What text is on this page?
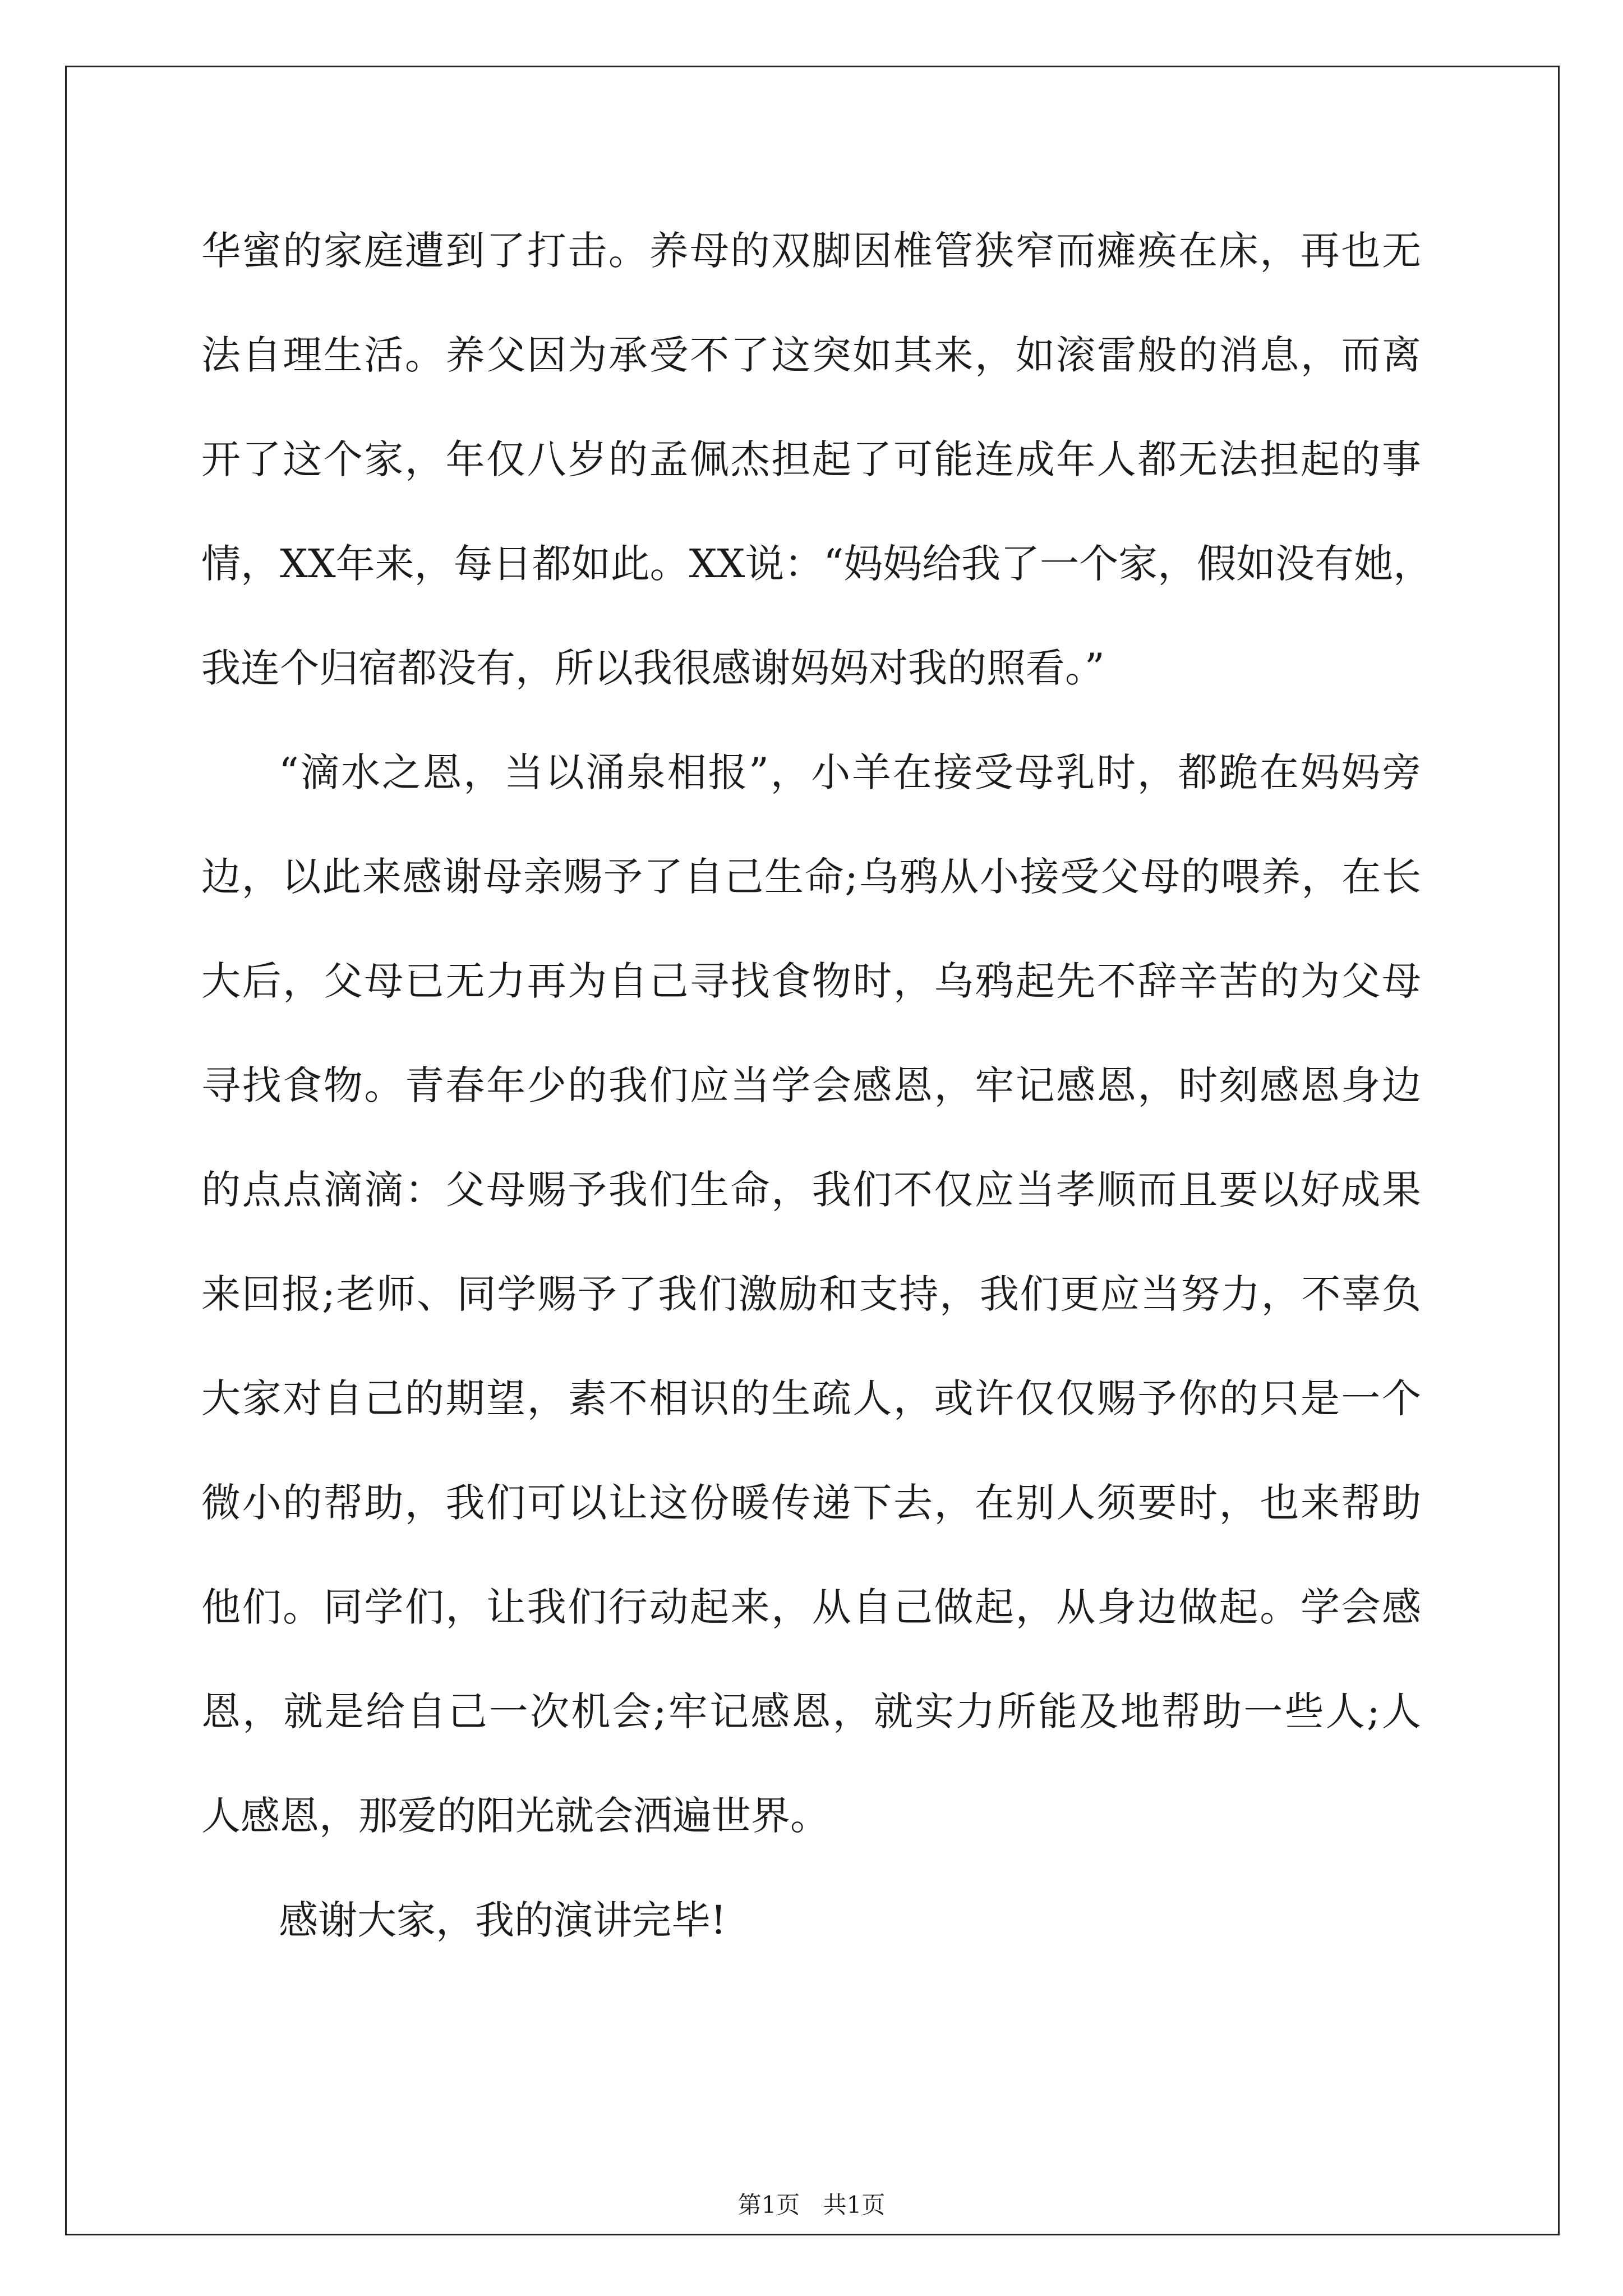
华蜜的家庭遭到了打击。养母的双脚因椎管狭窄而瘫痪在床，再也无
法自理生活。养父因为承受不了这突如其来，如滚雷般的消息，而离
开了这个家，年仅八岁的孟佩杰担起了可能连成年人都无法担起的事
情，XX年来，每日都如此。XX说：“妈妈给我了一个家，假如没有她，
我连个归宿都没有，所以我很感谢妈妈对我的照看。”
“滴水之恩，当以涌泉相报”，小羊在接受母乳时，都跪在妈妈旁
边，以此来感谢母亲赐予了自己生命;乌鸦从小接受父母的喂养，在长
大后，父母已无力再为自己寻找食物时，乌鸦起先不辞辛苦的为父母
寻找食物。青春年少的我们应当学会感恩，牢记感恩，时刻感恩身边
的点点滴滴：父母赐予我们生命，我们不仅应当孝顺而且要以好成果
来回报;老师、同学赐予了我们激励和支持，我们更应当努力，不辜负
大家对自己的期望，素不相识的生疏人，或许仅仅赐予你的只是一个
微小的帮助，我们可以让这份暖传递下去，在别人须要时，也来帮助
他们。同学们，让我们行动起来，从自己做起，从身边做起。学会感
恩，就是给自己一次机会;牢记感恩，就实力所能及地帮助一些人;人
人感恩，那爱的阳光就会洒遍世界。
感谢大家，我的演讲完毕!
第1页 共1页
